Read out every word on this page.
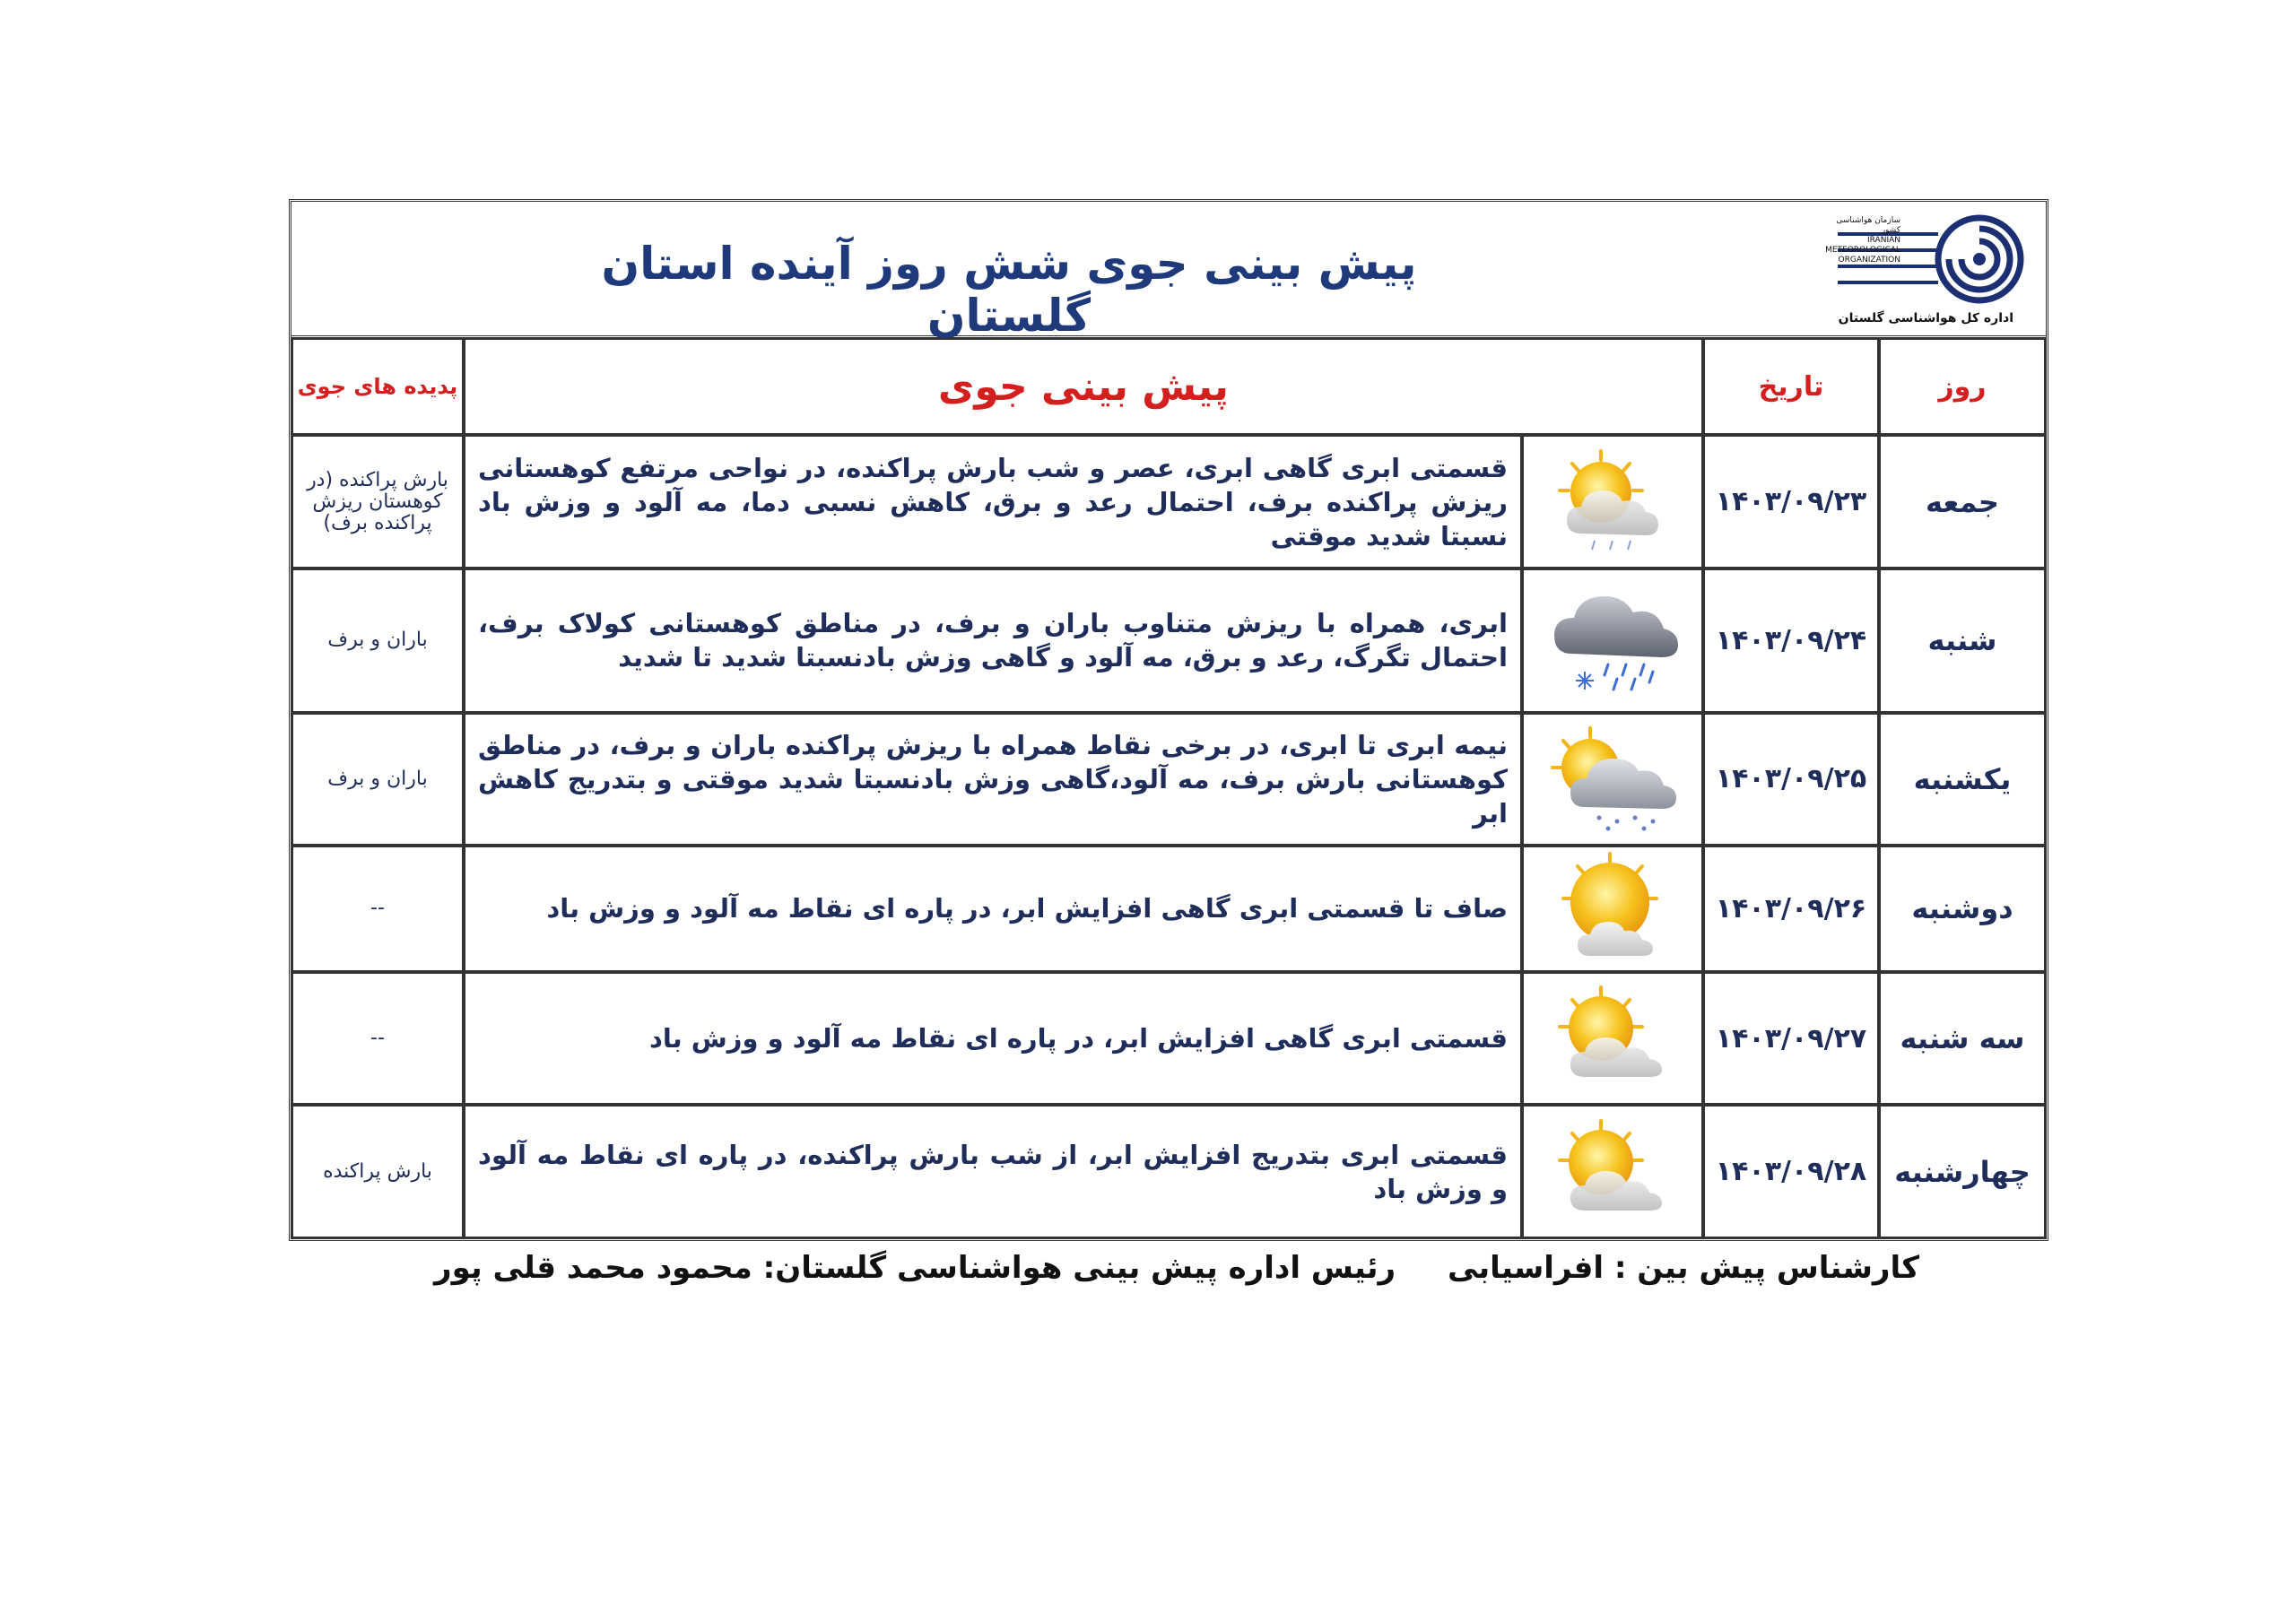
پیش بینی جوی شش روز آینده استان گلستان
سازمان هواشناسی کشور
IRANIAN
METEOROLOGICAL
ORGANIZATION
اداره کل هواشناسی گلستان
روز	تاریخ	پیش بینی جوی		پدیده های جوی
جمعه	۱۴۰۳/۰۹/۲۳		قسمتی ابری گاهی ابری، عصر و شب بارش پراکنده، در نواحی مرتفع کوهستانی ریزش پراکنده برف، احتمال رعد و برق، کاهش نسبی دما، مه آلود و وزش باد نسبتا شدید موقتی	بارش پراکنده (در کوهستان ریزش پراکنده برف)
شنبه	۱۴۰۳/۰۹/۲۴		ابری، همراه با ریزش متناوب باران و برف، در مناطق کوهستانی کولاک برف، احتمال تگرگ، رعد و برق، مه آلود و گاهی وزش بادنسبتا شدید تا شدید	باران و برف
یکشنبه	۱۴۰۳/۰۹/۲۵		نیمه ابری تا ابری، در برخی نقاط همراه با ریزش پراکنده باران و برف، در مناطق کوهستانی بارش برف، مه آلود،گاهی وزش بادنسبتا شدید موقتی و بتدریج کاهش ابر	باران و برف
دوشنبه	۱۴۰۳/۰۹/۲۶		صاف تا قسمتی ابری گاهی افزایش ابر، در پاره ای نقاط مه آلود و وزش باد	--
سه شنبه	۱۴۰۳/۰۹/۲۷		قسمتی ابری گاهی افزایش ابر، در پاره ای نقاط مه آلود و وزش باد	--
چهارشنبه	۱۴۰۳/۰۹/۲۸		قسمتی ابری بتدریج افزایش ابر، از شب بارش پراکنده، در پاره ای نقاط مه آلود و وزش باد	بارش پراکنده
کارشناس پیش بین : افراسیابی
رئیس اداره پیش بینی هواشناسی گلستان: محمود محمد قلی پور
